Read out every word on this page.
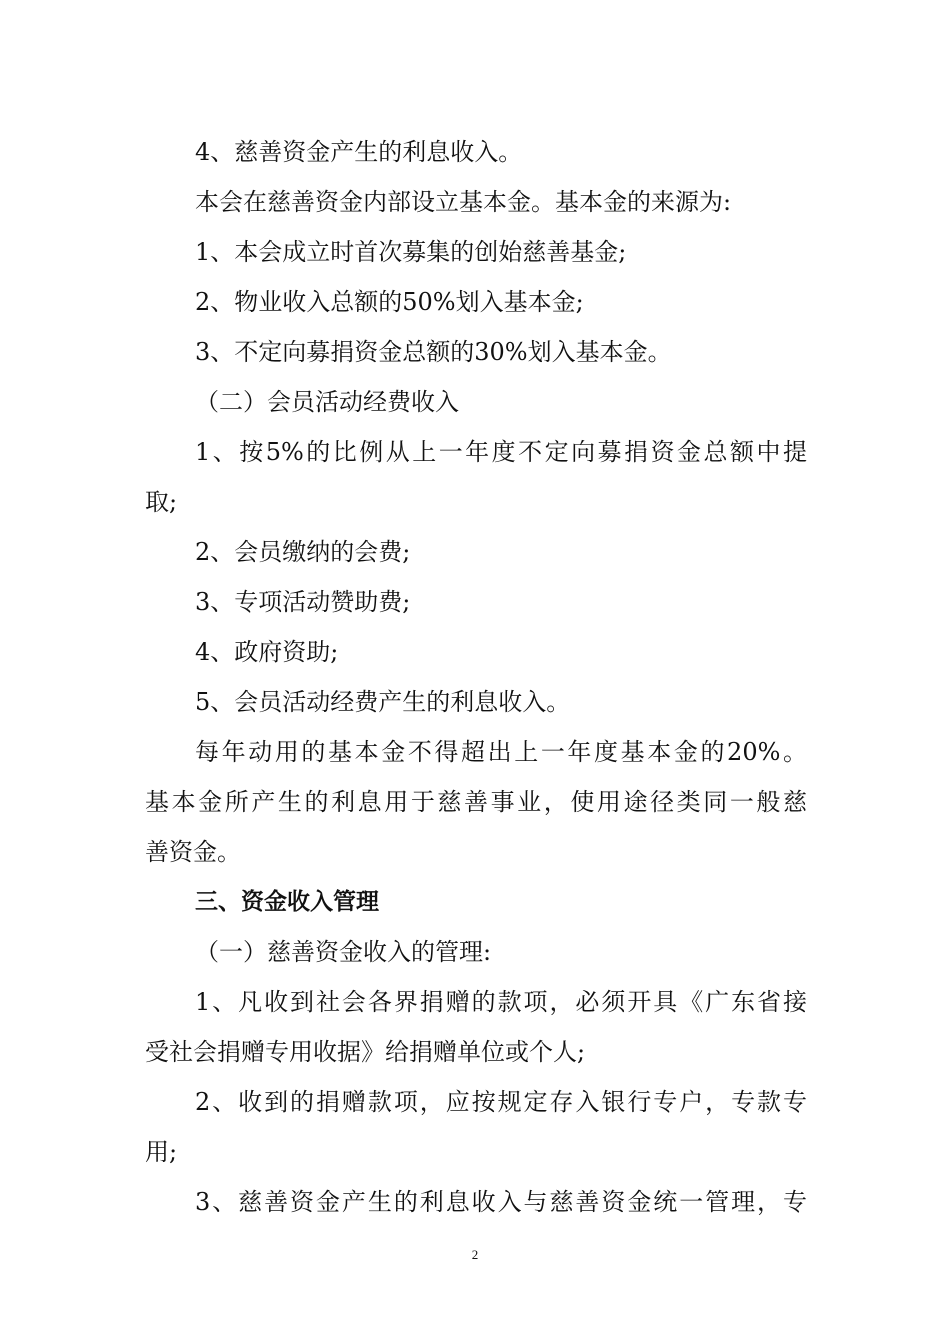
4、慈善资金产生的利息收入。
本会在慈善资金内部设立基本金。基本金的来源为:
1、本会成立时首次募集的创始慈善基金;
2、物业收入总额的50%划入基本金;
3、不定向募捐资金总额的30%划入基本金。
（二）会员活动经费收入
1、按5%的比例从上一年度不定向募捐资金总额中提
取;
2、会员缴纳的会费;
3、专项活动赞助费;
4、政府资助;
5、会员活动经费产生的利息收入。
每年动用的基本金不得超出上一年度基本金的20%。
基本金所产生的利息用于慈善事业，使用途径类同一般慈
善资金。
三、资金收入管理
（一）慈善资金收入的管理:
1、凡收到社会各界捐赠的款项，必须开具《广东省接
受社会捐赠专用收据》给捐赠单位或个人;
2、收到的捐赠款项，应按规定存入银行专户，专款专
用;
3、慈善资金产生的利息收入与慈善资金统一管理，专
2
